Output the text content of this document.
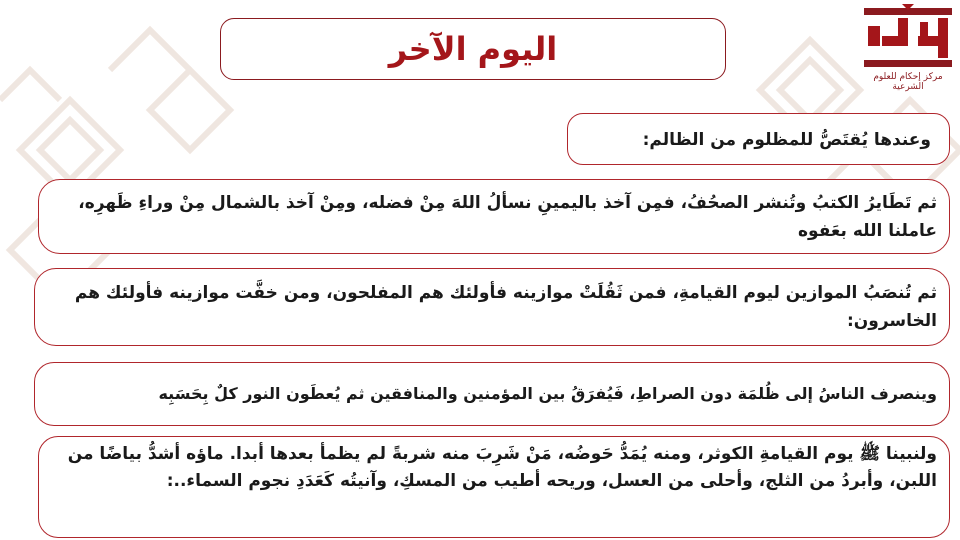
مركز إحكام للعلوم الشرعية
اليوم الآخر
وعندها يُقتَصُّ للمظلوم من الظالم:
ثم تَطَايرُ الكتبُ وتُنشر الصحُفُ، فمِن آخذ باليمينِ نسألُ اللهَ مِنْ فضله، ومِنْ آخذ بالشمال مِنْ وراءِ ظَهرِه، عاملنا الله بعَفوه
ثم تُنصَبُ الموازين ليوم القيامةِ، فمن ثَقُلَتْ موازينه فأولئك هم المفلحون، ومن خفَّت موازينه فأولئك هم الخاسرون:
وينصرف الناسُ إلى ظُلمَة دون الصراطِ، فَيُفرَقُ بين المؤمنين والمنافقين ثم يُعطَون النور كلٌ بِحَسَبِه
ولنبينا ﷺ يوم القيامةِ الكوثر، ومنه يُمَدُّ حَوضُه، مَنْ شَرِبَ منه شربةً لم يظمأ بعدها أبدا. ماؤه أشدُّ بياضًا من اللبن، وأبردُ من الثلج، وأحلى من العسل، وريحه أطيب من المسكِ، وآنيتُه كَعَدَدِ نجوم السماء..:
